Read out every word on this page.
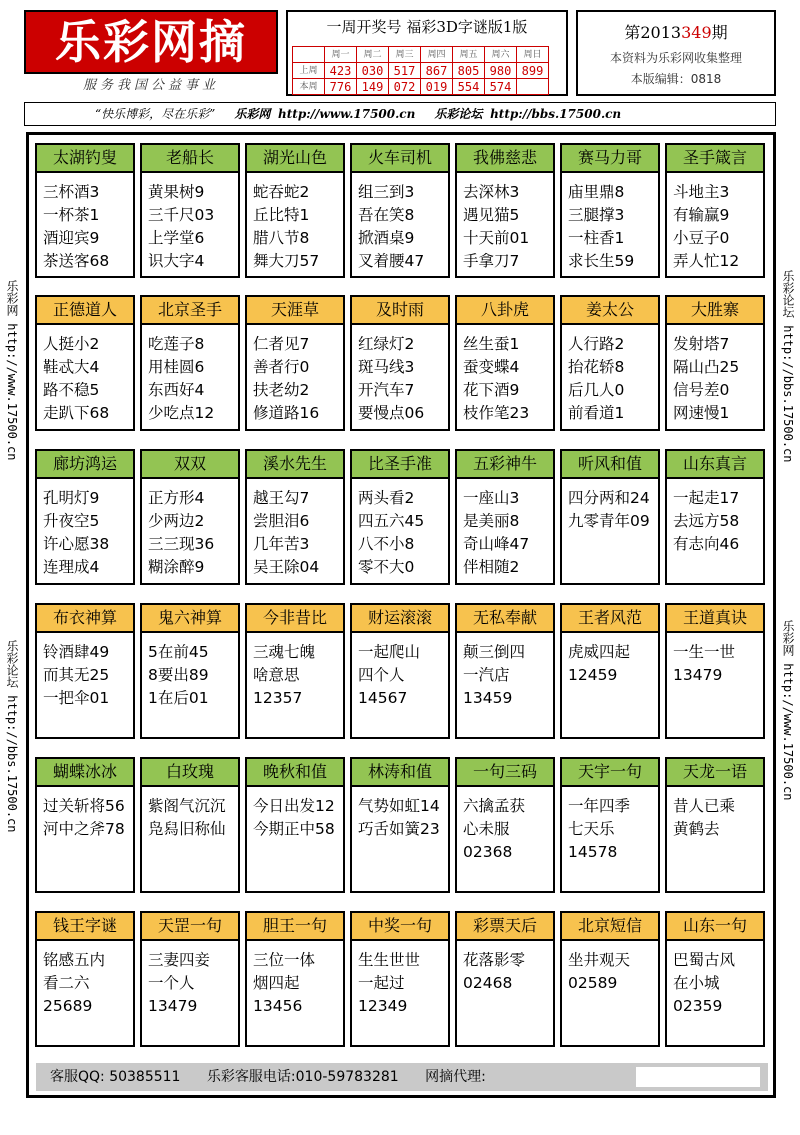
乐彩网摘
服务我国公益事业
一周开奖号 福彩3D字谜版1版
	周一	周二	周三	周四	周五	周六	周日
上周	423	030	517	867	805	980	899
本周	776	149	072	019	554	574	
第2013349期
本资料为乐彩网收集整理
本版编辑：0818
“快乐博彩，尽在乐彩” 乐彩网 http://www.17500.cn 乐彩论坛 http://bbs.17500.cn
乐彩网 http://www.17500.cn
乐彩论坛 http://bbs.17500.cn
乐彩论坛 http://bbs.17500.cn
乐彩网 http://www.17500.cn
太湖钓叟
三杯酒3
一杯茶1
酒迎宾9
茶送客68
老船长
黄果树9
三千尺03
上学堂6
识大字4
湖光山色
蛇吞蛇2
丘比特1
腊八节8
舞大刀57
火车司机
组三到3
吾在笑8
掀酒桌9
叉着腰47
我佛慈悲
去深林3
遇见猫5
十天前01
手拿刀7
赛马力哥
庙里鼎8
三腿撑3
一柱香1
求长生59
圣手箴言
斗地主3
有输赢9
小豆子0
弄人忙12
正德道人
人挺小2
鞋忒大4
路不稳5
走趴下68
北京圣手
吃莲子8
用桂圆6
东西好4
少吃点12
天涯草
仁者见7
善者行0
扶老幼2
修道路16
及时雨
红绿灯2
斑马线3
开汽车7
要慢点06
八卦虎
丝生蚕1
蚕变蝶4
花下酒9
枝作笔23
姜太公
人行路2
抬花轿8
后几人0
前看道1
大胜寨
发射塔7
隔山凸25
信号差0
网速慢1
廊坊鸿运
孔明灯9
升夜空5
许心愿38
连理成4
双双
正方形4
少两边2
三三现36
糊涂醉9
溪水先生
越王勾7
尝胆泪6
几年苦3
吴王除04
比圣手准
两头看2
四五六45
八不小8
零不大0
五彩神牛
一座山3
是美丽8
奇山峰47
伴相随2
听风和值
四分两和24
九零青年09
山东真言
一起走17
去远方58
有志向46
布衣神算
铃酒肆49
而其无25
一把伞01
鬼六神算
5在前45
8要出89
1在后01
今非昔比
三魂七魄
啥意思
12357
财运滚滚
一起爬山
四个人
14567
无私奉献
颠三倒四
一汽店
13459
王者风范
虎威四起
12459
王道真诀
一生一世
13479
蝴蝶冰冰
过关斩将56
河中之斧78
白玫瑰
紫阁气沉沉
凫舄旧称仙
晚秋和值
今日出发12
今期正中58
林涛和值
气势如虹14
巧舌如簧23
一句三码
六擒孟获
心未服
02368
天宇一句
一年四季
七天乐
14578
天龙一语
昔人已乘
黄鹤去
钱王字谜
铭感五内
看二六
25689
天罡一句
三妻四妾
一个人
13479
胆王一句
三位一体
烟四起
13456
中奖一句
生生世世
一起过
12349
彩票天后
花落影零
02468
北京短信
坐井观天
02589
山东一句
巴蜀古风
在小城
02359
客服QQ: 50385511 乐彩客服电话:010-59783281 网摘代理:
